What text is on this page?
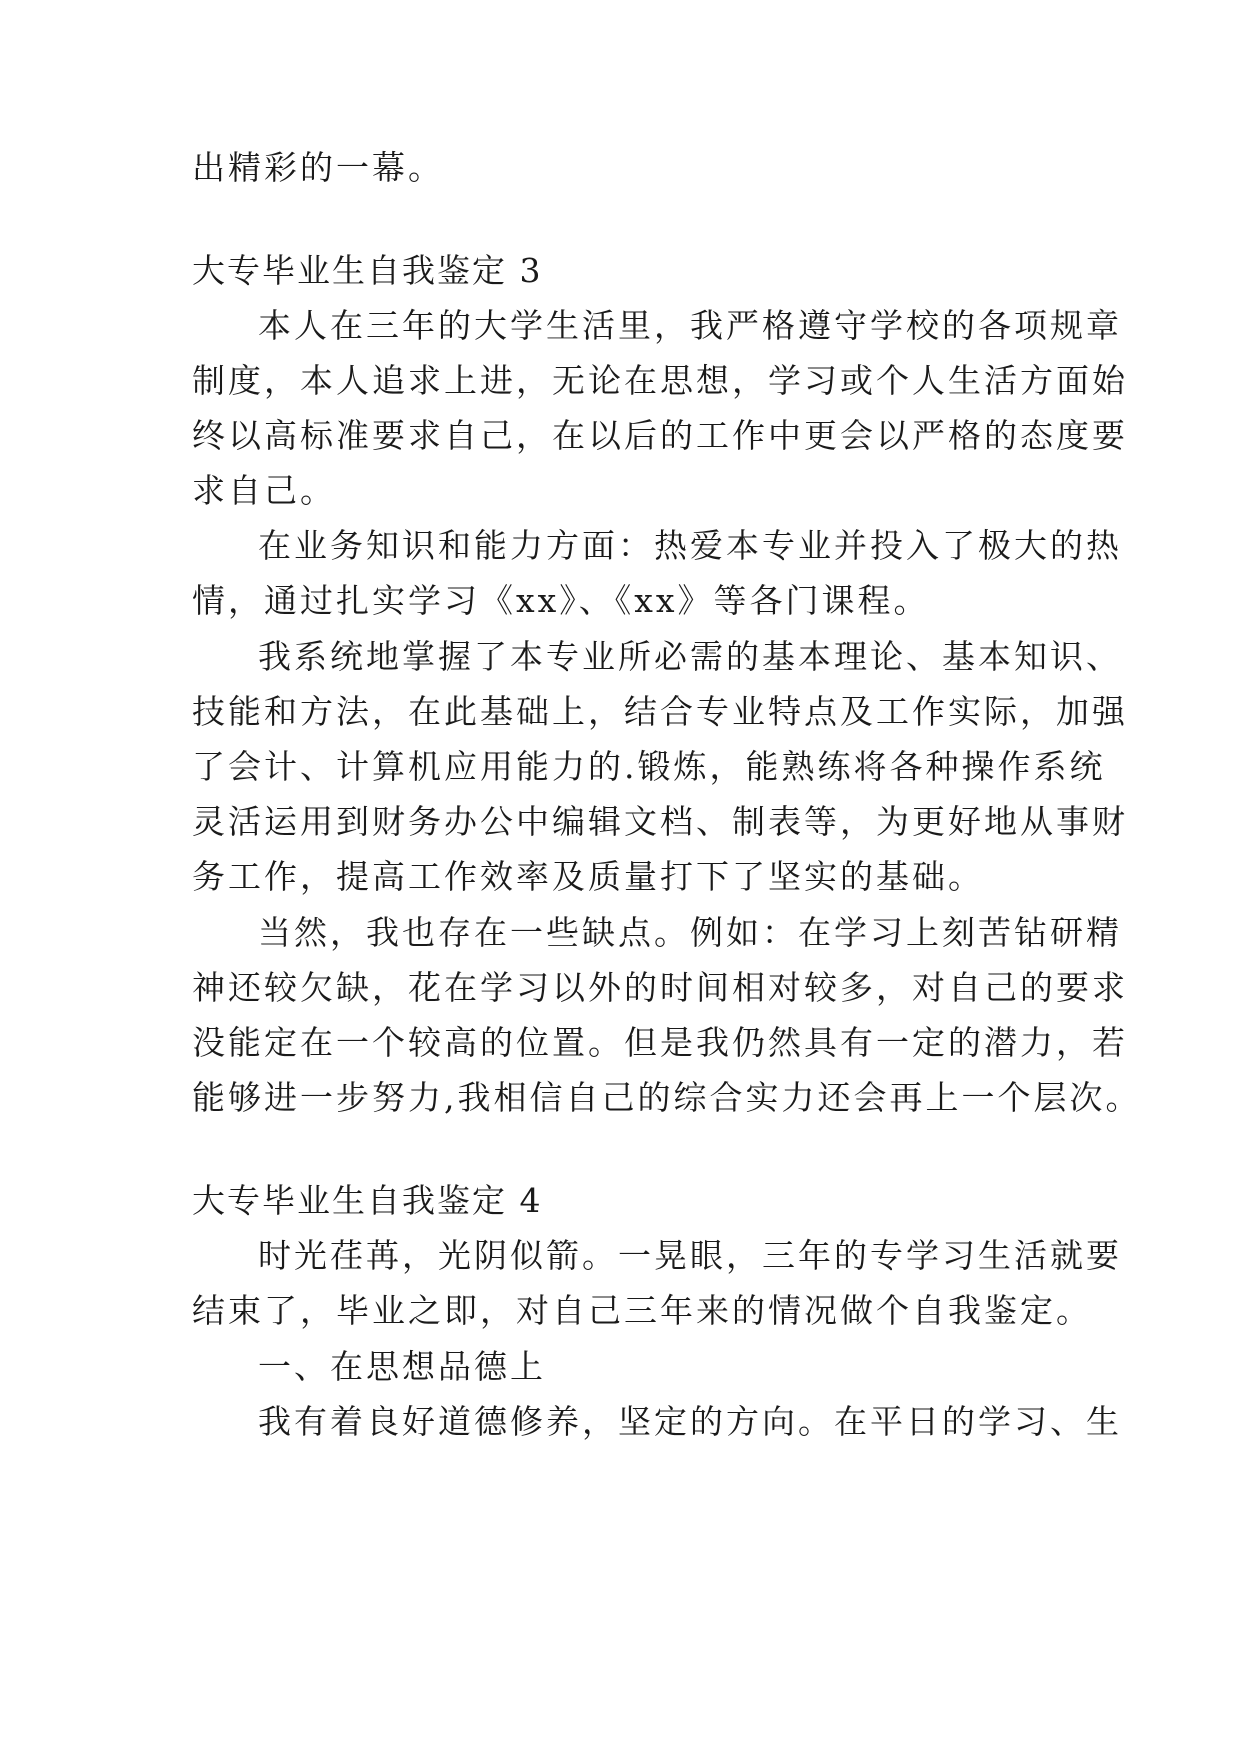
出精彩的一幕。
大专毕业生自我鉴定 3
本人在三年的大学生活里，我严格遵守学校的各项规章
制度，本人追求上进，无论在思想，学习或个人生活方面始
终以高标准要求自己，在以后的工作中更会以严格的态度要
求自己。
在业务知识和能力方面：热爱本专业并投入了极大的热
情，通过扎实学习《xx》、《xx》等各门课程。
我系统地掌握了本专业所必需的基本理论、基本知识、
技能和方法，在此基础上，结合专业特点及工作实际，加强
了会计、计算机应用能力的.锻炼，能熟练将各种操作系统
灵活运用到财务办公中编辑文档、制表等，为更好地从事财
务工作，提高工作效率及质量打下了坚实的基础。
当然，我也存在一些缺点。例如：在学习上刻苦钻研精
神还较欠缺，花在学习以外的时间相对较多，对自己的要求
没能定在一个较高的位置。但是我仍然具有一定的潜力，若
能够进一步努力,我相信自己的综合实力还会再上一个层次。
大专毕业生自我鉴定 4
时光荏苒，光阴似箭。一晃眼，三年的专学习生活就要
结束了，毕业之即，对自己三年来的情况做个自我鉴定。
一、在思想品德上
我有着良好道德修养，坚定的方向。在平日的学习、生
